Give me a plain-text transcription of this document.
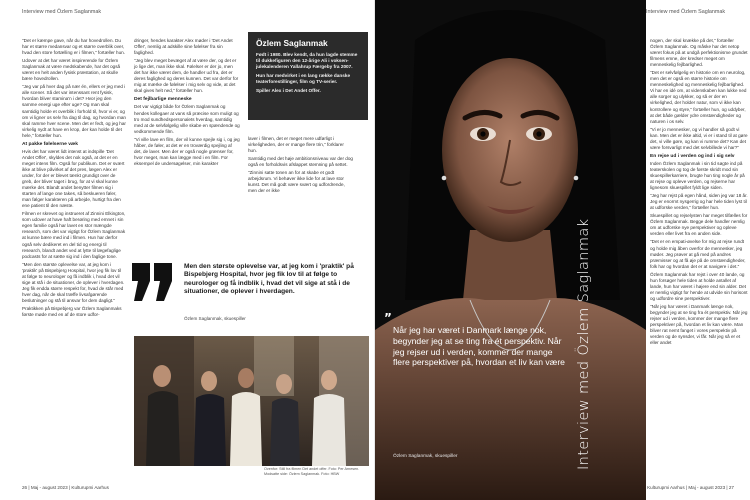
Interview med Özlem Saglanmak

"Det er kæmpe gave, når du har hovedrollen. Du har et større medansvar og et større overblik over, hvad den store fortælling er i filmen," fortæller hun.

Udover at det har været inspirerende for Özlem Saglanmak at være medskabende, har det også været en helt anden fysisk præstation, at skulle bære hovedrollen.

"Jeg var på hver dag på nær én, ellers er jeg med i alle scener. Så det var intenssant rent fysisk, hvordan bliver stamina'n i det? Hvor jeg den samme energi uge efter uge? Og man skal samtidig holde et overblik i forhold til, hvor vi er, og om vi ligner os selv fra dag til dag, og hvordan man skal ramme hver scene. Men det er fedt, og jeg har virkelig nydt at have en krop, der kan holde til det hele," fortæller hun.

At pakke følelserne væk

Hvis det har været lidt intenst at indspille 'Det Andet Offer', skyldes det nok også, at det er en meget intens film. Også for publikum. Det er svært ikke at blive påvirket af det pres, lægen Alex er under, for der er blevet tænkt grundigt over de greb, der bliver taget i brug, for at vi skal kunne mærke det. Blandt andet benytter filmen sig i starten af lange one takes, så beskueren føler, man følger karakteren på arbejde, hurtigt fra den ene patient til den næste.

Filmen er skrevet og instrueret af Zinnini Elkington, som udover at have haft berøring med emnet i sin egen familie også har lavet en stor mængde research, som det var vigtigt for Özlem Saglanmak at kunne bære med ind i filmen. Hun har derfor også selv dedikeret en del tid og energi til research, blandt andet ved at lytte til lægefaglige podcasts for at sætte sig ind i den faglige tone.

"Men den største oplevelse var, at jeg kom i 'praktik' på Bispebjerg Hospital, hvor jeg fik lov til at følge to neurologer og få indblik i, hvad det vil sige at stå i de situationer, de oplever i hverdagen. Jeg fik endda større respekt for, hvad de står med hver dag, når de skal træffe livsafgørende beslutninger og stå til ansvar for dem dagligt."

Praktikken på Bispebjerg var Özlem Saglanmaks første møde med en af de store udfor-

dringer, hendes karakter Alex møder i 'Det Andet Offer', nemlig at adskille sine følelser fra sin faglighed.

"Jeg blev meget bevæget af at være der, og det er jo lige det, man ikke skal. Følelser er der jo, men det har ikke været dem, de handler ud fra, det er deres faglighed og deres kunnen. Det var derfor for mig at mærke de følelser i mig selv og vide, at det skal gives helt ned," fortæller hun.

Det fejlbarlige menneske

Det var vigtigt både for Özlem Saglanmak og hendes kollegaer at vans så præcise som muligt og tro mod sundhedspersonalets hverdag, samtidig med at de selvfølgelig ville skabe en spændende og vedkommende film.

"Vi ville lave en film, der vil kunne spejle sig i, og jeg håber, de føler, at det er en troværdig spejling af det, de laver. Men der er også nogle grænser for, hvor meget, man kan lægge med i en film. For eksempel de undersøgelser, min karakter

Özlem Saglanmak
Født i 1980. Blev kendt, da hun lagde stemme til dukkefiguren den 12-årige Ali i voksen-julekalenderen Yallahrup Færgeby fra 2007.
Hun har medvirket i en lang række danske teaterforestillinger, film og TV-serier.
Spiller Alex i Det Andet Offer.

laver i filmen, det er meget mere udførligt i virkeligheden, der er mange flere trin," forklarer hun.

Samtidig med det høje ambitionsniveau var der dog også en forholdsvis afslappet stemning på settet.

"Zinnini satte tonen an for at skabe et godt arbejdsrum. Vi behøver ikke lide for at lave stor kunst. Det må godt være svært og udfordrende, men der er ikke

Men den største oplevelse var, at jeg kom i 'praktik' på Bispebjerg Hospital, hvor jeg fik lov til at følge to neurologer og få indblik i, hvad det vil sige at stå i de situationer, de oplever i hverdagen.
Özlem Saglanmak, skuespiller
Ovenfor: Still fra filmen Det andet offer. Foto: Per Arnesen. Modsatte side: Özlem Saglanmak. Foto: HBW
26 | Maj - august 2023 | Kulturupmi Aarhus
”
Når jeg har været i Danmark længe nok, begynder jeg at se ting fra ét perspektiv. Når jeg rejser ud i verden, kommer der mange flere perspektiver på, hvordan et liv kan være
Özlem Saglanmak, skuespiller	Interview med Özlem Saglanmak
Interview med Özlem Saglanmak

nogen, der skal knække på det," fortæller Özlem Saglanmak. Og måske har det netop været fokus på at undgå perfektionisme grundet filmens emne, der kredser meget om menneskelig fejlbarlighed.

"Det er selvfølgelig en historie om en neurolog, men det er også en større historie om menneskelighed og menneskelig fejlbarlighed. Vi har en idé om, at videnskaben kan lukke ned alle sorger og ulykker, og så er der en virkelighed, der holder natur, som vi ikke kan kontrollere og styre," fortæller hun, og uddyber, at det både gælder ydre omstændigheder og naturen i os selv.

"Vi er jo mennesker, og vi handler så godt vi kan. Men det er ikke altid, vi er i stand til at gøre det, vi ville gøre, og kan vi rumme det? Kan det være forsvarligt med det selvbillede vi har?"

En rejse ud i verden og ind i sig selv

Inden Özlem Saglanmak i sin tid søgte ind på teaterskolen og tog de første skridt mod sin skuespillerkarriere, brugte hun ting nogle år på at rejse og opleve verden, og rejserne har lignesom skuespillet fyldt lige siden.

"Jeg har rejst på egen hånd, siden jeg var 18 år. Jeg er enormt nysgerrig og har hele tiden lyst til at udforske verden," fortæller hun.

Skuespillet og rejselysten har meget tilfælles for Özlem Saglanmak. Begge dele handler nemlig om at udforske nye perspektiver og opleve verden eller livet fra en anden side.

"Det er en empati-øvelse for mig at rejse rundt og holde mig åben overfor de mennesker, jeg møder. Jeg prøver at gå med på andres præmisser og at få øje på de omstændigheder, folk har og hvordan det er at navigere i det."

Özlem Saglanmak har rejst i over 40 lande, og hun forsøger hele tiden at holde antallet af lande, hun har været i højere end sin alder. Det er nemlig vigtigt for hende at udvide sin horisont og udfordre sine perspektiver.

"Når jeg har været i Danmark længe nok, begynder jeg at se ting fra ét perspektiv. Når jeg rejser ud i verden, kommer der mange flere perspektiver på, hvordan et liv kan være. Man bliver rat nemt fanget i vores perspektiv på verden og de synsder, vi får. Når jeg så er et eller andet

Kulturupmi Aarhus | Maj - august 2023 | 27
